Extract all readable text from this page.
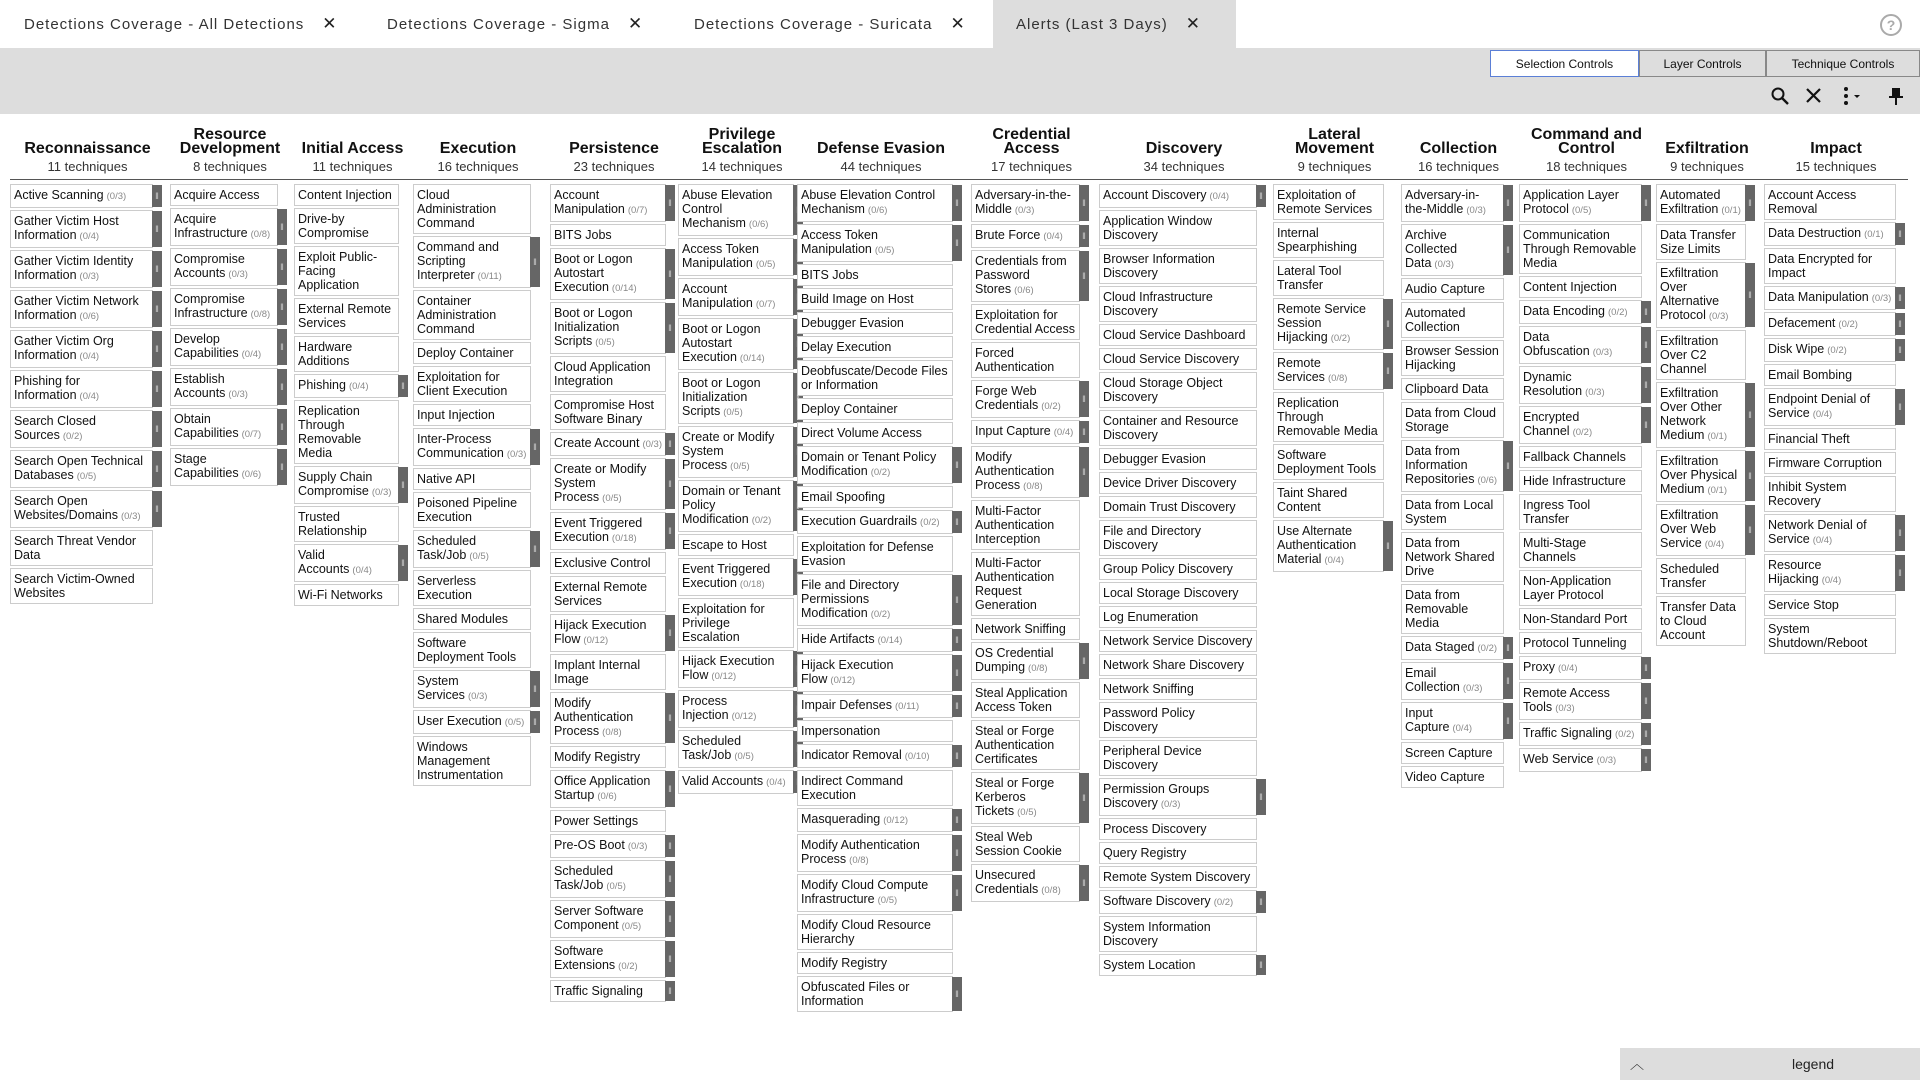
Detections Coverage - All Detections ✕	Detections Coverage - Sigma ✕	Detections Coverage - Suricata ✕	Alerts (Last 3 Days) ✕	?
Selection Controls	Layer Controls	Technique Controls
Reconnaissance
11 techniques
Active Scanning (0/3)	‖
Gather Victim Host Information (0/4)
‖
Gather Victim Identity Information (0/3)
‖
Gather Victim Network Information (0/6)
‖
Gather Victim Org Information (0/4)
‖
Phishing for Information (0/4)
‖
Search Closed Sources (0/2)
‖
Search Open Technical Databases (0/5)
‖
Search Open Websites/Domains (0/3)
‖
Search Threat Vendor Data
Search Victim-Owned Websites
Resource Development
8 techniques
Acquire Access
Acquire Infrastructure (0/8)
‖
Compromise Accounts (0/3)
‖
Compromise Infrastructure (0/8)
‖
Develop Capabilities (0/4)
‖
Establish Accounts (0/3)
‖
Obtain Capabilities (0/7)
‖
Stage Capabilities (0/6)
‖
Initial Access
11 techniques
Content Injection
Drive-by Compromise
Exploit Public-Facing Application
External Remote Services
Hardware Additions
Phishing (0/4)	‖
Replication Through Removable Media
Supply Chain Compromise (0/3)
‖
Trusted Relationship
Valid Accounts (0/4)
‖
Wi-Fi Networks
Execution
16 techniques
Cloud Administration Command
Command and Scripting Interpreter (0/11)
‖
Container Administration Command
Deploy Container
Exploitation for Client Execution
Input Injection
Inter-Process Communication (0/3)
‖
Native API
Poisoned Pipeline Execution
Scheduled Task/Job (0/5)
‖
Serverless Execution
Shared Modules
Software Deployment Tools
System Services (0/3)
‖
User Execution (0/5) ‖
Windows Management Instrumentation
Persistence
23 techniques
Account Manipulation (0/7)
‖
BITS Jobs
Boot or Logon Autostart Execution (0/14)
‖
Boot or Logon Initialization Scripts (0/5)
‖
Cloud Application Integration
Compromise Host Software Binary
Create Account (0/3) ‖
Create or Modify System Process (0/5)
‖
Event Triggered Execution (0/18)
‖
Exclusive Control
External Remote Services
Hijack Execution Flow (0/12)
‖
Implant Internal Image
Modify Authentication Process (0/8)
‖
Modify Registry
Office Application Startup (0/6)
‖
Power Settings
Pre-OS Boot (0/3)	‖
Scheduled Task/Job (0/5)
‖
Server Software Component (0/5)
‖
Software Extensions (0/2)
‖
Traffic Signaling	‖
Privilege Escalation
14 techniques
Abuse Elevation Control Mechanism (0/6)
Access Token Manipulation (0/5)
Account Manipulation (0/7)
Boot or Logon Autostart Execution (0/14)
Boot or Logon Initialization Scripts (0/5)
Create or Modify System Process (0/5)
Domain or Tenant Policy Modification (0/2)
Escape to Host
Event Triggered Execution (0/18)
Exploitation for Privilege Escalation
Hijack Execution Flow (0/12)
Process Injection (0/12)
Scheduled Task/Job (0/5)
Valid Accounts (0/4)
Defense Evasion
44 techniques
Abuse Elevation Control Mechanism (0/6)
‖
Access Token Manipulation (0/5)
‖
BITS Jobs
Build Image on Host
Debugger Evasion
Delay Execution
Deobfuscate/Decode Files or Information
Deploy Container
Direct Volume Access
Domain or Tenant Policy Modification (0/2)
‖
Email Spoofing
Execution Guardrails (0/2)	‖
Exploitation for Defense Evasion
File and Directory Permissions Modification (0/2)
‖
Hide Artifacts (0/14)	‖
Hijack Execution Flow (0/12)
‖
Impair Defenses (0/11)	‖
Impersonation
Indicator Removal (0/10)	‖
Indirect Command Execution
Masquerading (0/12)	‖
Modify Authentication Process (0/8)
‖
Modify Cloud Compute Infrastructure (0/5)
‖
Modify Cloud Resource Hierarchy
Modify Registry
Obfuscated Files or Information	‖
Credential Access
17 techniques
Adversary-in-the-Middle (0/3)
‖
Brute Force (0/4)	‖
Credentials from Password Stores (0/6)
‖
Exploitation for Credential Access
Forced Authentication
Forge Web Credentials (0/2)
‖
Input Capture (0/4) ‖
Modify Authentication Process (0/8)
‖
Multi-Factor Authentication Interception
Multi-Factor Authentication Request Generation
Network Sniffing
OS Credential Dumping (0/8)
‖
Steal Application Access Token
Steal or Forge Authentication Certificates
Steal or Forge Kerberos Tickets (0/5)
‖
Steal Web Session Cookie
Unsecured Credentials (0/8)
‖
Discovery
34 techniques
Account Discovery (0/4)	‖
Application Window Discovery
Browser Information Discovery
Cloud Infrastructure Discovery
Cloud Service Dashboard
Cloud Service Discovery
Cloud Storage Object Discovery
Container and Resource Discovery
Debugger Evasion
Device Driver Discovery
Domain Trust Discovery
File and Directory Discovery
Group Policy Discovery
Local Storage Discovery
Log Enumeration
Network Service Discovery
Network Share Discovery
Network Sniffing
Password Policy Discovery
Peripheral Device Discovery
Permission Groups Discovery (0/3)
‖
Process Discovery
Query Registry
Remote System Discovery
Software Discovery (0/2)	‖
System Information Discovery
System Location	‖
Lateral Movement
9 techniques
Exploitation of Remote Services
Internal Spearphishing
Lateral Tool Transfer
Remote Service Session Hijacking (0/2)
‖
Remote Services (0/8)
‖
Replication Through Removable Media
Software Deployment Tools
Taint Shared Content
Use Alternate Authentication Material (0/4)
‖
Collection
16 techniques
Adversary-in-the-Middle (0/3)
‖
Archive Collected Data (0/3)
‖
Audio Capture
Automated Collection
Browser Session Hijacking
Clipboard Data
Data from Cloud Storage
Data from Information Repositories (0/6)
‖
Data from Local System
Data from Network Shared Drive
Data from Removable Media
Data Staged (0/2)	‖
Email Collection (0/3)
‖
Input Capture (0/4)
‖
Screen Capture
Video Capture
Command and Control
18 techniques
Application Layer Protocol (0/5)
‖
Communication Through Removable Media
Content Injection
Data Encoding (0/2)	‖
Data Obfuscation (0/3)
‖
Dynamic Resolution (0/3)
‖
Encrypted Channel (0/2)
‖
Fallback Channels
Hide Infrastructure
Ingress Tool Transfer
Multi-Stage Channels
Non-Application Layer Protocol
Non-Standard Port
Protocol Tunneling
Proxy (0/4)	‖
Remote Access Tools (0/3)
‖
Traffic Signaling (0/2)	‖
Web Service (0/3)	‖
Exfiltration
9 techniques
Automated Exfiltration (0/1)
‖
Data Transfer Size Limits
Exfiltration Over Alternative Protocol (0/3)
‖
Exfiltration Over C2 Channel
Exfiltration Over Other Network Medium (0/1)
‖
Exfiltration Over Physical Medium (0/1)
‖
Exfiltration Over Web Service (0/4)
‖
Scheduled Transfer
Transfer Data to Cloud Account
Impact
15 techniques
Account Access Removal
Data Destruction (0/1)	‖
Data Encrypted for Impact
Data Manipulation (0/3) ‖
Defacement (0/2)	‖
Disk Wipe (0/2)	‖
Email Bombing
Endpoint Denial of Service (0/4)
‖
Financial Theft
Firmware Corruption
Inhibit System Recovery
Network Denial of Service (0/4)
‖
Resource Hijacking (0/4)
‖
Service Stop
System Shutdown/Reboot
︿	legend
